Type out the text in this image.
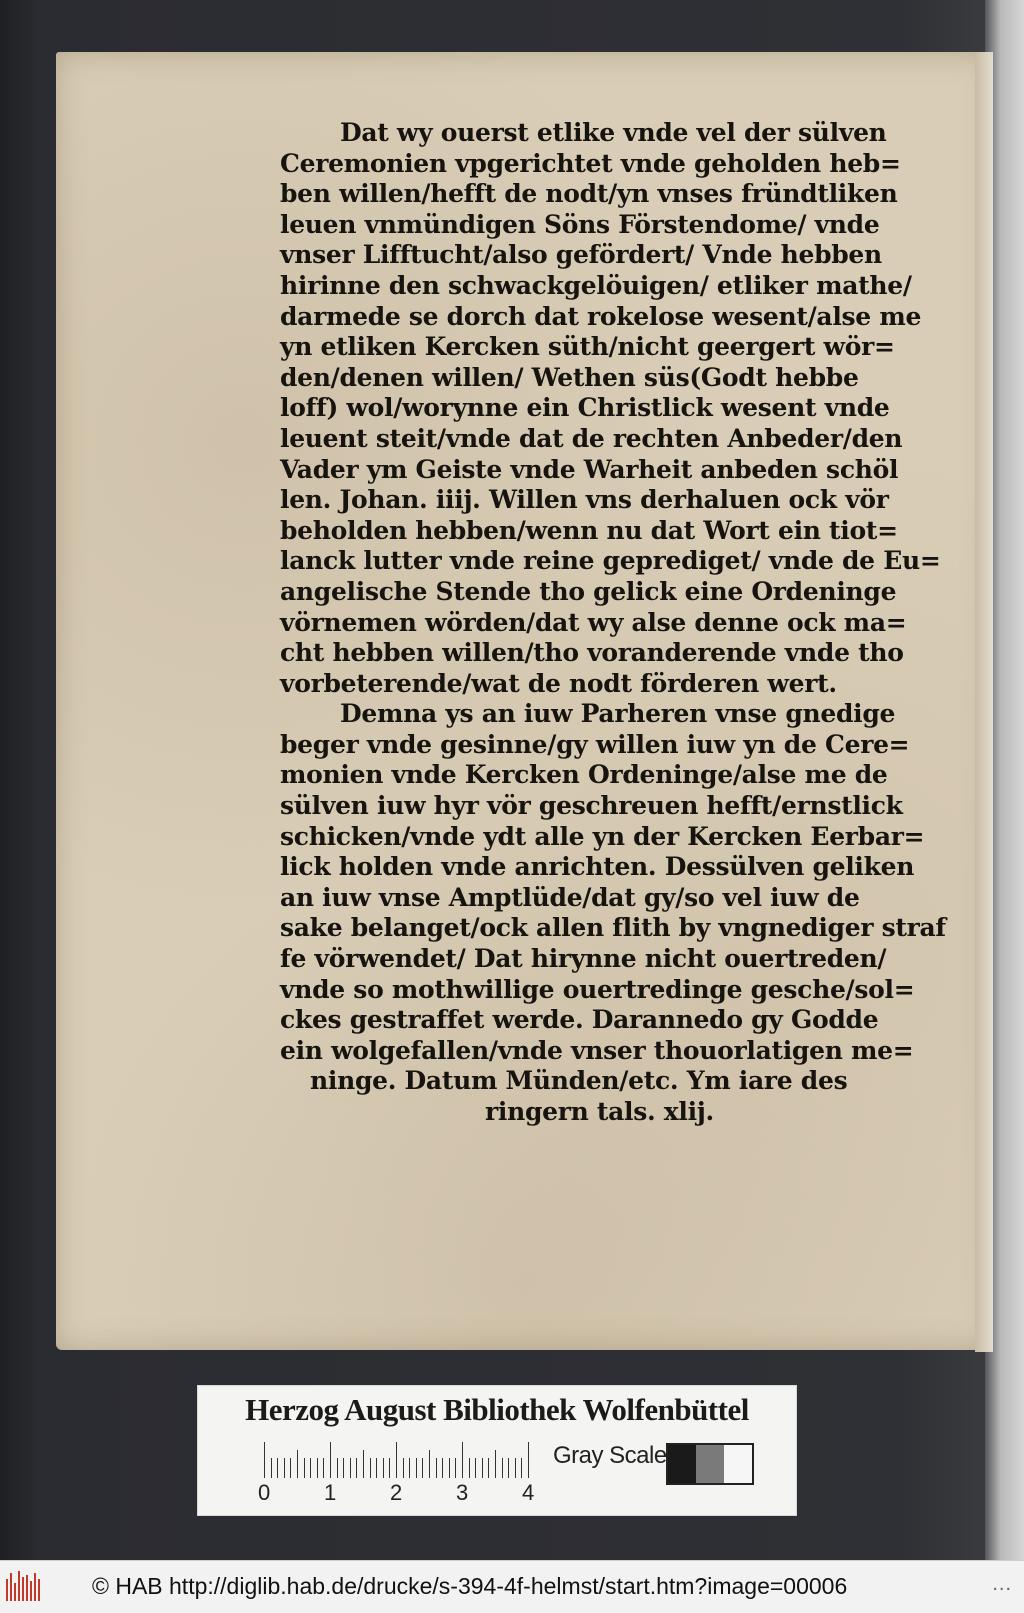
Dat wy ouerst etlike vnde vel der sülven
Ceremonien vpgerichtet vnde geholden heb=
ben willen/hefft de nodt/yn vnses fründtliken
leuen vnmündigen Söns Förstendome/ vnde
vnser Lifftucht/also gefördert/ Vnde hebben
hirinne den schwackgelöuigen/ etliker mathe/
darmede se dorch dat rokelose wesent/alse me
yn etliken Kercken süth/nicht geergert wör=
den/denen willen/ Wethen süs(Godt hebbe
loff) wol/worynne ein Christlick wesent vnde
leuent steit/vnde dat de rechten Anbeder/den
Vader ym Geiste vnde Warheit anbeden schöl
len. Johan. iiij. Willen vns derhaluen ock vör
beholden hebben/wenn nu dat Wort ein tiot=
lanck lutter vnde reine geprediget/ vnde de Eu=
angelische Stende tho gelick eine Ordeninge
vörnemen wörden/dat wy alse denne ock ma=
cht hebben willen/tho voranderende vnde tho
vorbeterende/wat de nodt förderen wert.
Demna ys an iuw Parheren vnse gnedige
beger vnde gesinne/gy willen iuw yn de Cere=
monien vnde Kercken Ordeninge/alse me de
sülven iuw hyr vör geschreuen hefft/ernstlick
schicken/vnde ydt alle yn der Kercken Eerbar=
lick holden vnde anrichten. Dessülven geliken
an iuw vnse Amptlüde/dat gy/so vel iuw de
sake belanget/ock allen flith by vngnediger straf
fe vörwendet/ Dat hirynne nicht ouertreden/
vnde so mothwillige ouertredinge gesche/sol=
ckes gestraffet werde. Darannedo gy Godde
ein wolgefallen/vnde vnser thouorlatigen me=
ninge. Datum Münden/etc. Ym iare des
ringern tals. xlij.
Herzog August Bibliothek Wolfenbüttel
Gray Scale
0 1 2 3 4
© HAB http://diglib.hab.de/drucke/s-394-4f-helmst/start.htm?image=00006	...
